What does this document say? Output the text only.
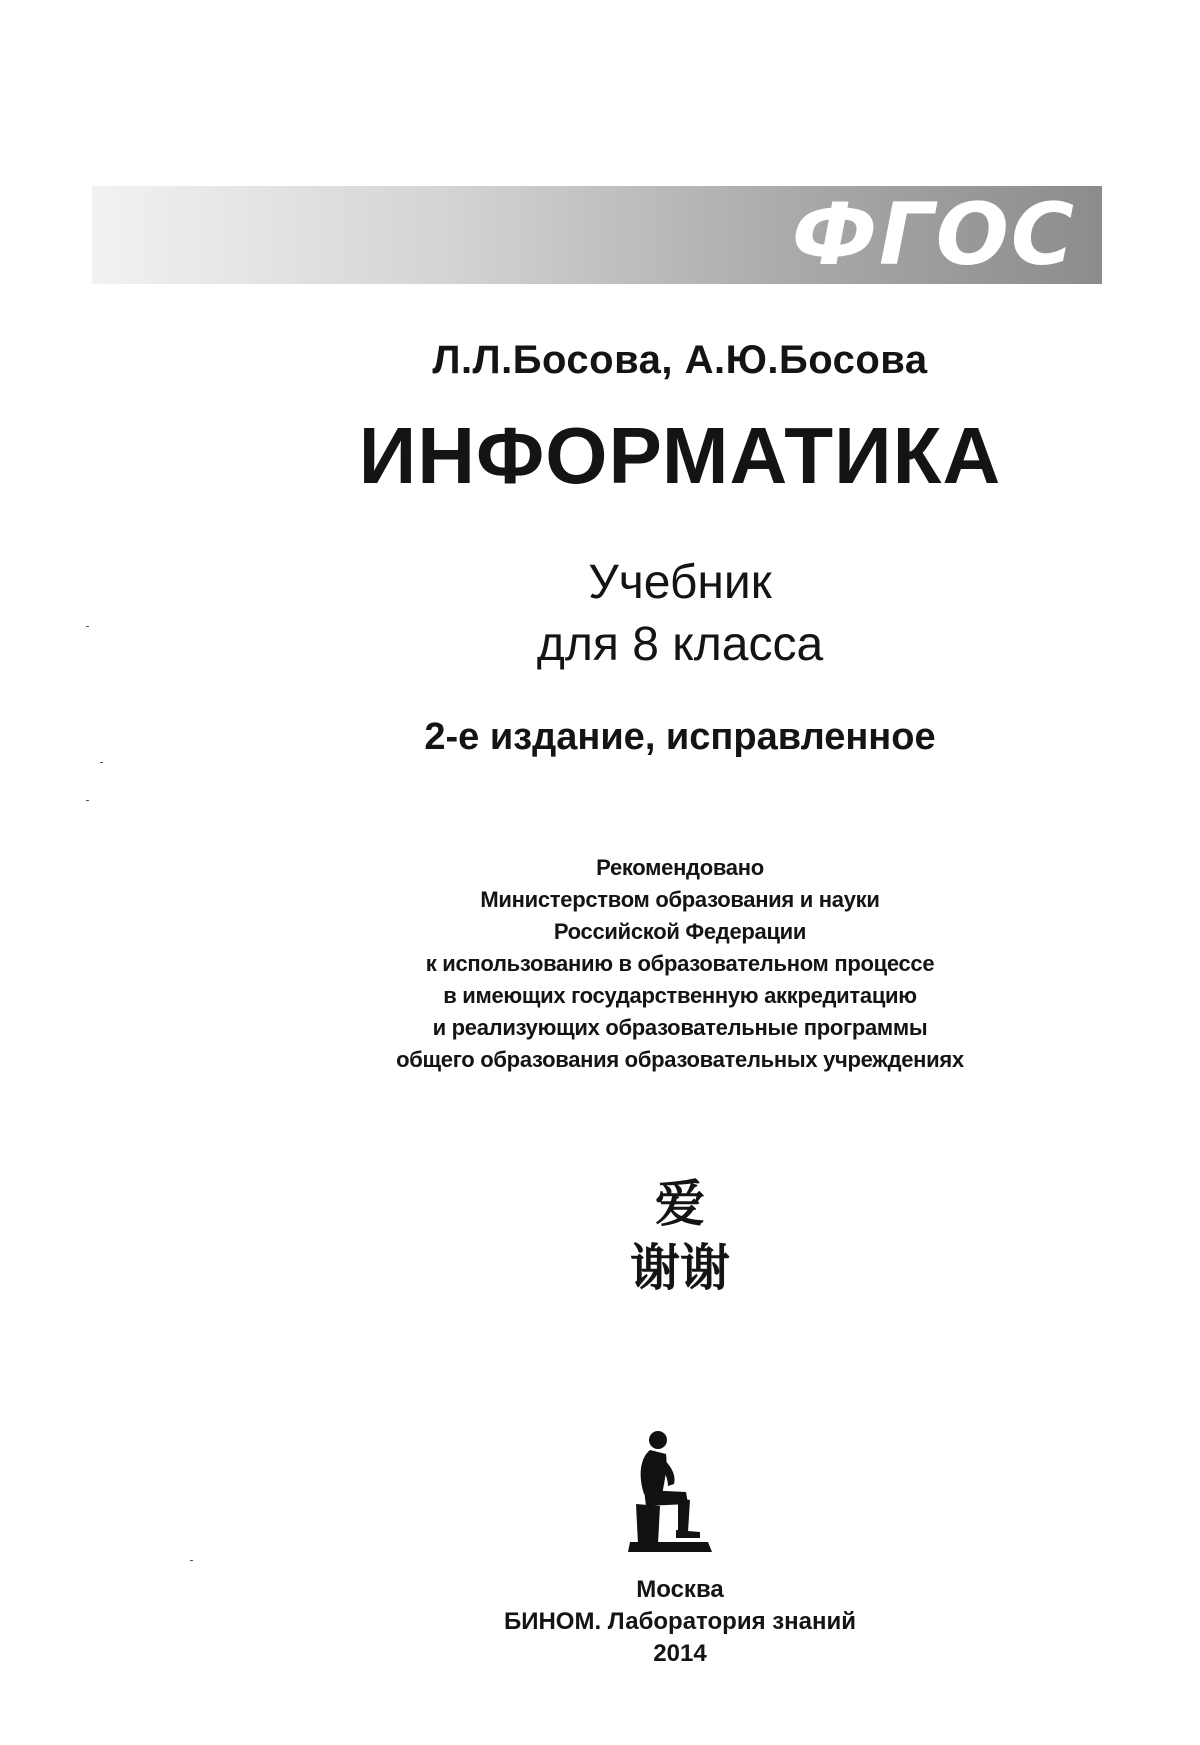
ФГОС
Л.Л.Босова, А.Ю.Босова
ИНФОРМАТИКА
Учебник
для 8 класса
2-е издание, исправленное
Рекомендовано
Министерством образования и науки
Российской Федерации
к использованию в образовательном процессе
в имеющих государственную аккредитацию
и реализующих образовательные программы
общего образования образовательных учреждениях
爱
谢谢
Москва
БИНОМ. Лаборатория знаний
2014
